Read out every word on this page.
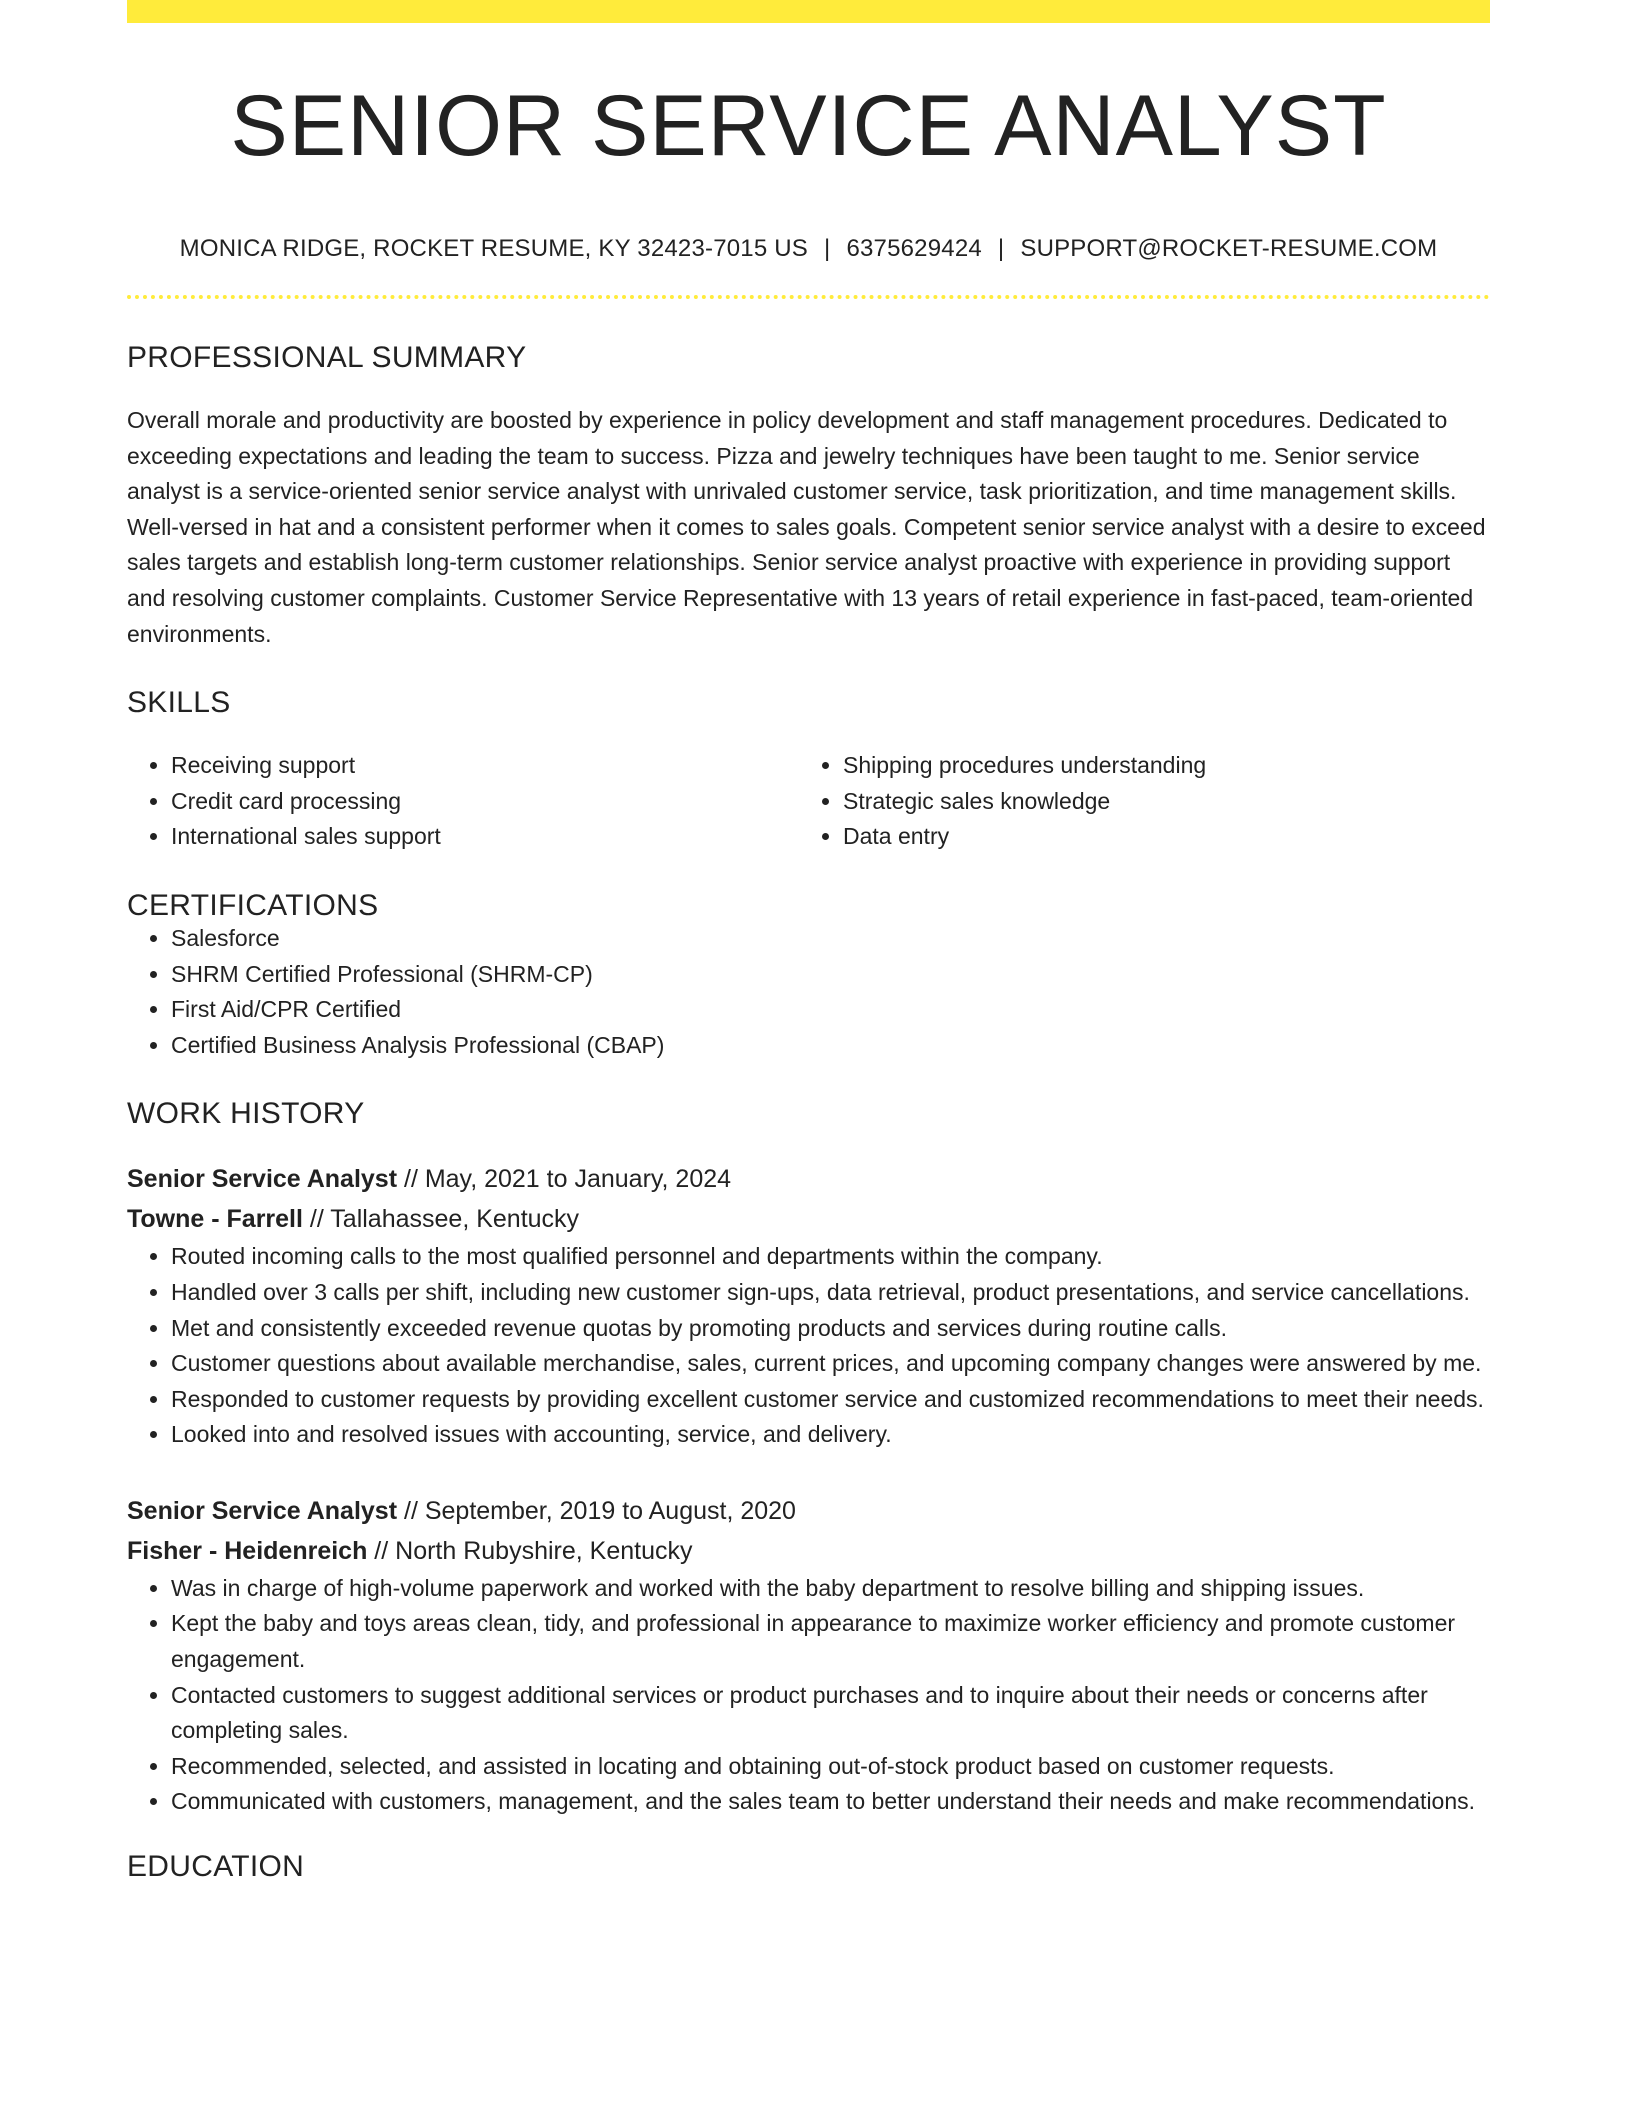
SENIOR SERVICE ANALYST
MONICA RIDGE, ROCKET RESUME, KY 32423-7015 US | 6375629424 | SUPPORT@ROCKET-RESUME.COM
PROFESSIONAL SUMMARY

Overall morale and productivity are boosted by experience in policy development and staff management procedures. Dedicated to exceeding expectations and leading the team to success. Pizza and jewelry techniques have been taught to me. Senior service analyst is a service-oriented senior service analyst with unrivaled customer service, task prioritization, and time management skills. Well-versed in hat and a consistent performer when it comes to sales goals. Competent senior service analyst with a desire to exceed sales targets and establish long-term customer relationships. Senior service analyst proactive with experience in providing support and resolving customer complaints. Customer Service Representative with 13 years of retail experience in fast-paced, team-oriented environments.

SKILLS
• Receiving support
• Credit card processing
• International sales support
• Shipping procedures understanding
• Strategic sales knowledge
• Data entry
CERTIFICATIONS
• Salesforce
• SHRM Certified Professional (SHRM-CP)
• First Aid/CPR Certified
• Certified Business Analysis Professional (CBAP)
WORK HISTORY
Senior Service Analyst // May, 2021 to January, 2024
Towne - Farrell // Tallahassee, Kentucky
• Routed incoming calls to the most qualified personnel and departments within the company.
• Handled over 3 calls per shift, including new customer sign-ups, data retrieval, product presentations, and service cancellations.
• Met and consistently exceeded revenue quotas by promoting products and services during routine calls.
• Customer questions about available merchandise, sales, current prices, and upcoming company changes were answered by me.
• Responded to customer requests by providing excellent customer service and customized recommendations to meet their needs.
• Looked into and resolved issues with accounting, service, and delivery.
Senior Service Analyst // September, 2019 to August, 2020
Fisher - Heidenreich // North Rubyshire, Kentucky
• Was in charge of high-volume paperwork and worked with the baby department to resolve billing and shipping issues.
• Kept the baby and toys areas clean, tidy, and professional in appearance to maximize worker efficiency and promote customer engagement.
• Contacted customers to suggest additional services or product purchases and to inquire about their needs or concerns after completing sales.
• Recommended, selected, and assisted in locating and obtaining out-of-stock product based on customer requests.
• Communicated with customers, management, and the sales team to better understand their needs and make recommendations.
EDUCATION
